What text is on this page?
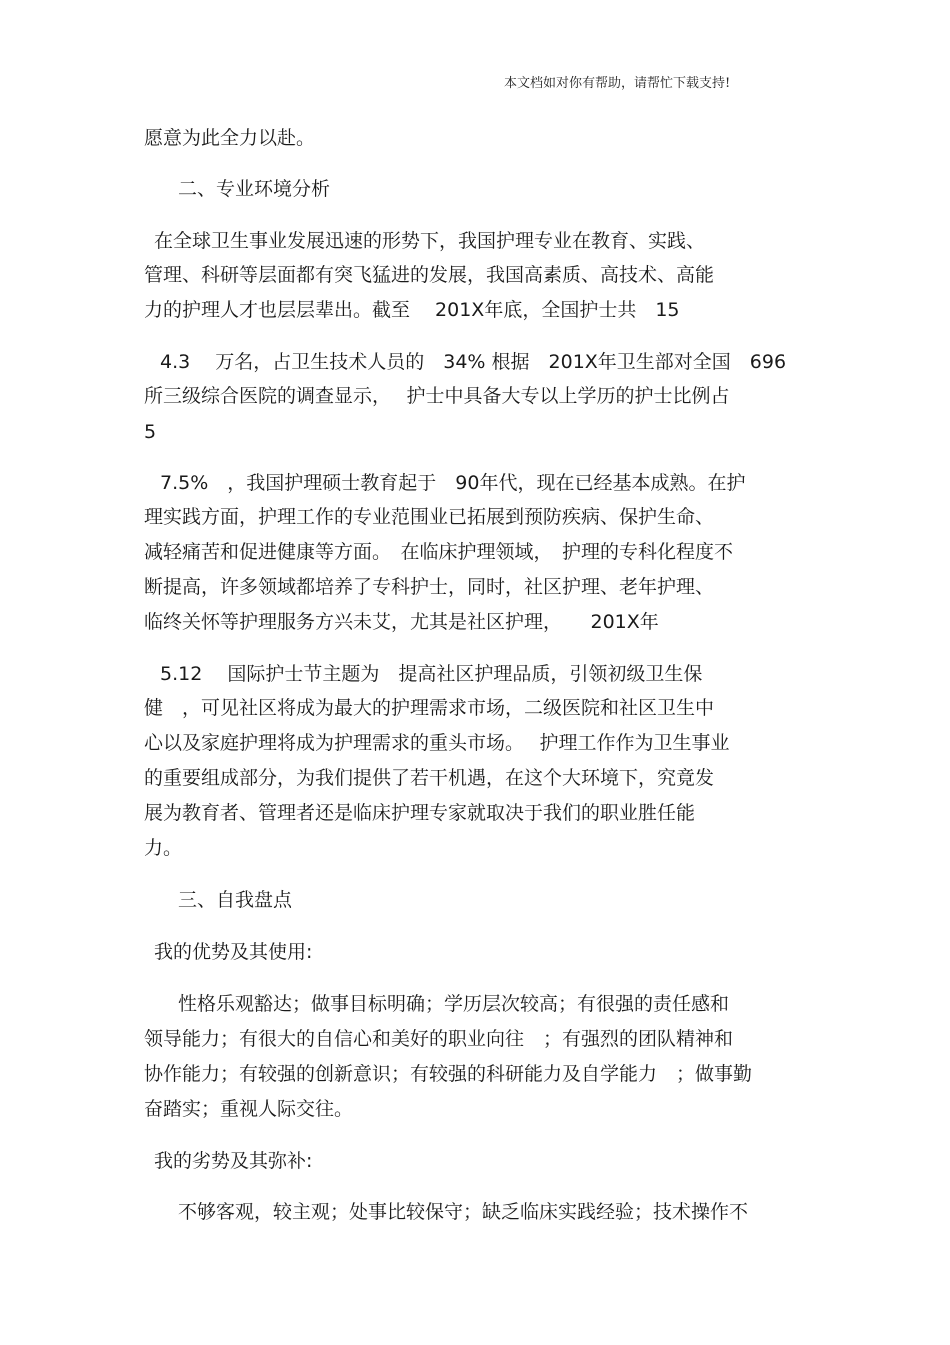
本文档如对你有帮助，请帮忙下载支持!
愿意为此全力以赴。
二、专业环境分析
在全球卫生事业发展迅速的形势下，我国护理专业在教育、实践、
管理、科研等层面都有突飞猛进的发展，我国高素质、高技术、高能
力的护理人才也层层辈出。截至　 201X年底，全国护士共　15
4.3　 万名，占卫生技术人员的　34% 根据　201X年卫生部对全国　696
所三级综合医院的调查显示，　 护士中具备大专以上学历的护士比例占
5
7.5%　，我国护理硕士教育起于　90年代，现在已经基本成熟。在护
理实践方面，护理工作的专业范围业已拓展到预防疾病、保护生命、
减轻痛苦和促进健康等方面。　在临床护理领域，　护理的专科化程度不
断提高，许多领域都培养了专科护士，同时，社区护理、老年护理、
临终关怀等护理服务方兴未艾，尤其是社区护理，　　201X年
5.12　 国际护士节主题为　提高社区护理品质，引领初级卫生保
健　，可见社区将成为最大的护理需求市场，二级医院和社区卫生中
心以及家庭护理将成为护理需求的重头市场。　 护理工作作为卫生事业
的重要组成部分，为我们提供了若干机遇，在这个大环境下，究竟发
展为教育者、管理者还是临床护理专家就取决于我们的职业胜任能
力。
三、自我盘点
我的优势及其使用:
性格乐观豁达；做事目标明确；学历层次较高；有很强的责任感和
领导能力；有很大的自信心和美好的职业向往　；有强烈的团队精神和
协作能力；有较强的创新意识；有较强的科研能力及自学能力　；做事勤
奋踏实；重视人际交往。
我的劣势及其弥补:
不够客观，较主观；处事比较保守；缺乏临床实践经验；技术操作不
